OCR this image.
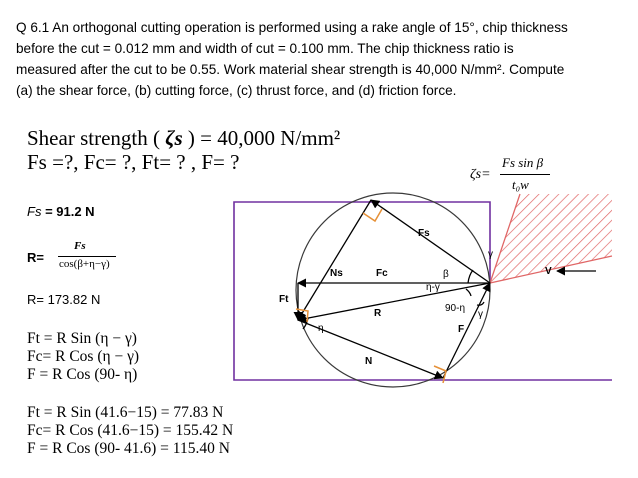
Q 6.1 An orthogonal cutting operation is performed using a rake angle of 15°, chip thickness
before the cut = 0.012 mm and width of cut = 0.100 mm. The chip thickness ratio is
measured after the cut to be 0.55. Work material shear strength is 40,000 N/mm². Compute
(a) the shear force, (b) cutting force, (c) thrust force, and (d) friction force.
Shear strength ( ζs ) = 40,000 N/mm²
Fs =?, Fc= ?, Ft= ? , F= ?
ζs=
Fs sin β
t₀w
Fs = 91.2 N
R=
Fs
cos(β+η−γ)
R= 173.82 N
Ft = R Sin (η − γ)
Fc= R Cos (η − γ)
F = R Cos (90- η)
Ft = R Sin (41.6−15) = 77.83 N
Fc= R Cos (41.6−15) = 155.42 N
F = R Cos (90- 41.6) = 115.40 N
Fs
Ns	Fc
Ft
R
N
F
V
β
γ
γ
η-γ
90-η
η
